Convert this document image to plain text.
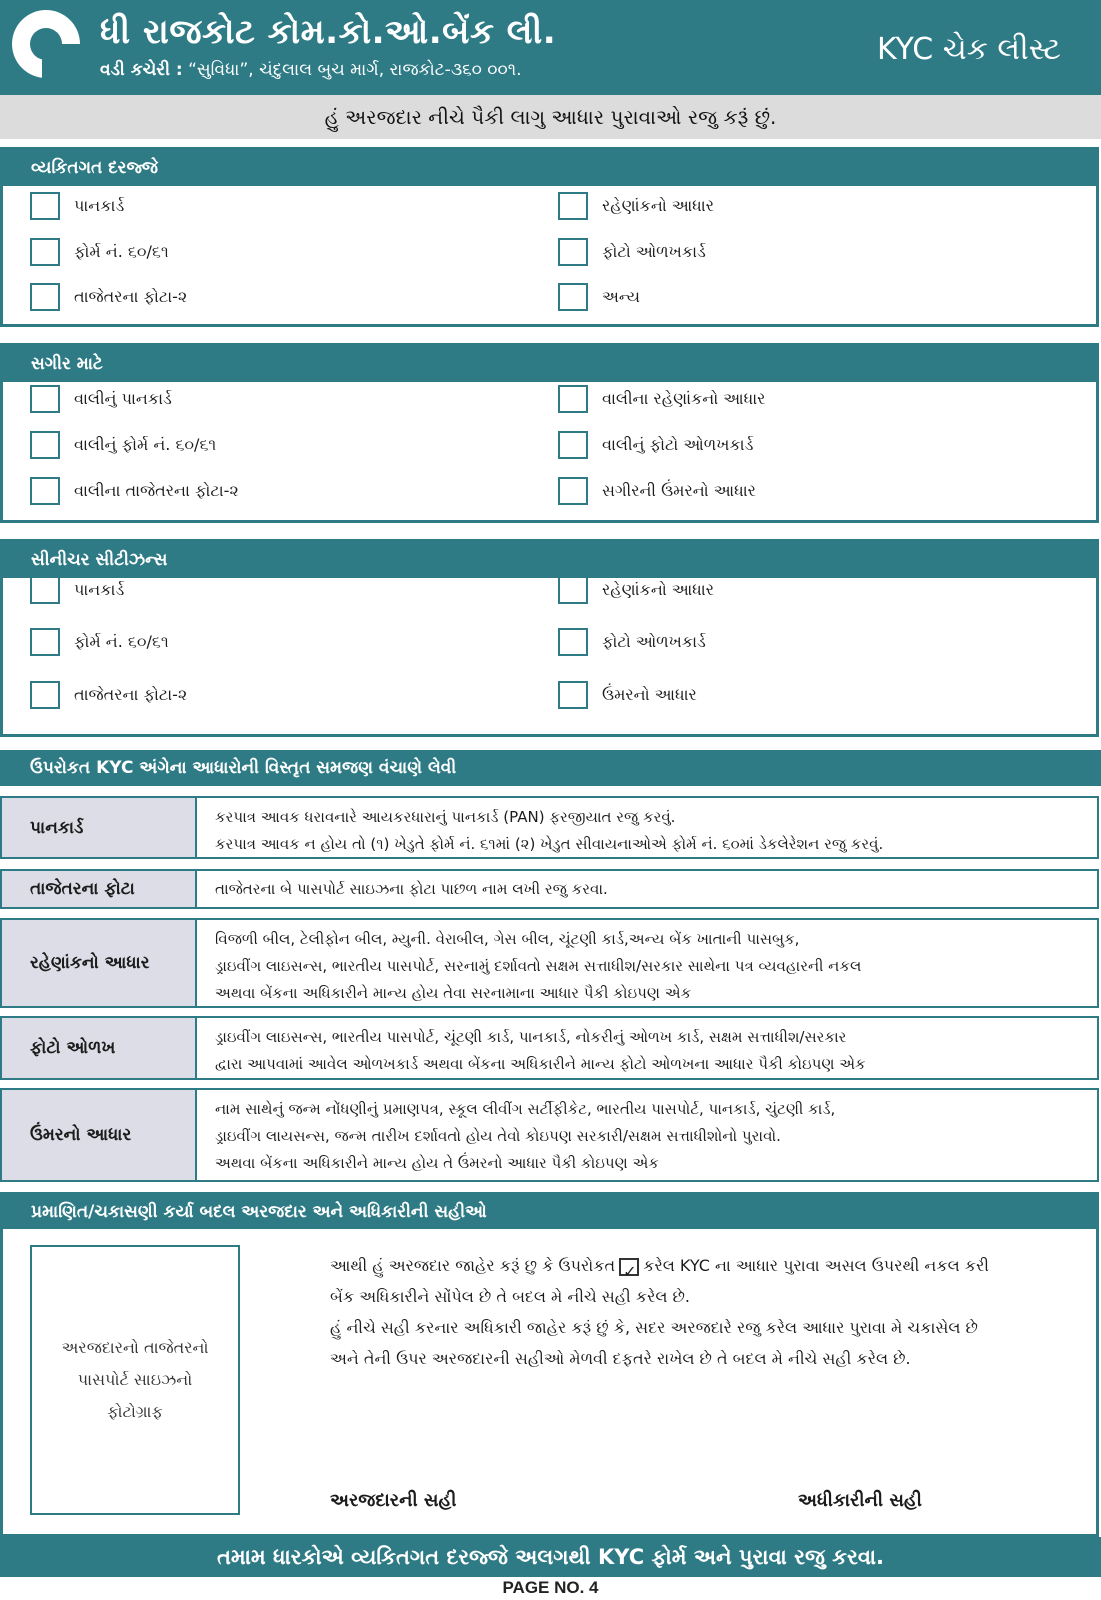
ધી રાજકોટ કોમ.કો.ઓ.બેંક લી.
વડી કચેરી : “સુવિધા”, ચંદુલાલ બુચ માર્ગ, રાજકોટ-૩૬૦ ૦૦૧.
KYC ચેક લીસ્ટ
હું અરજદાર નીચે પૈકી લાગુ આધાર પુરાવાઓ રજુ કરૂં છું.
વ્યકિતગત દરજ્જે
સગીર માટે
સીનીચર સીટીઝન્સ
પાનકાર્ડ
ફોર્મ નં. ૬૦/૬૧
તાજેતરના ફોટા-૨
રહેણાંકનો આધાર
ફોટો ઓળખકાર્ડ
અન્ય
વાલીનું પાનકાર્ડ
વાલીનું ફોર્મ નં. ૬૦/૬૧
વાલીના તાજેતરના ફોટા-૨
વાલીના રહેણાંકનો આધાર
વાલીનું ફોટો ઓળખકાર્ડ
સગીરની ઉંમરનો આધાર
પાનકાર્ડ
ફોર્મ નં. ૬૦/૬૧
તાજેતરના ફોટા-૨
રહેણાંકનો આધાર
ફોટો ઓળખકાર્ડ
ઉંમરનો આધાર
ઉપરોકત KYC અંગેના આધારોની વિસ્તૃત સમજણ વંચાણે લેવી
પાનકાર્ડ
કરપાત્ર આવક ધરાવનારે આયકરધારાનું પાનકાર્ડ (PAN) ફરજીયાત રજુ કરવું.
કરપાત્ર આવક ન હોય તો (૧) ખેડુતે ફોર્મ નં. ૬૧માં (૨) ખેડુત સીવાયનાઓએ ફોર્મ નં. ૬૦માં ડેકલેરેશન રજુ કરવું.
તાજેતરના ફોટા	તાજેતરના બે પાસપોર્ટ સાઇઝના ફોટા પાછળ નામ લખી રજુ કરવા.
રહેણાંકનો આધાર
વિજળી બીલ, ટેલીફોન બીલ, મ્યુની. વેરાબીલ, ગેસ બીલ, ચૂંટણી કાર્ડ,અન્ય બેંક ખાતાની પાસબુક,
ડ્રાઇવીંગ લાઇસન્સ, ભારતીય પાસપોર્ટ, સરનામું દર્શાવતો સક્ષમ સત્તાધીશ/સરકાર સાથેના પત્ર વ્યવહારની નકલ
અથવા બેંકના અધિકારીને માન્ય હોય તેવા સરનામાના આધાર પૈકી કોઇપણ એક
ફોટો ઓળખ
ડ્રાઇવીંગ લાઇસન્સ, ભારતીય પાસપોર્ટ, ચૂંટણી કાર્ડ, પાનકાર્ડ, નોકરીનું ઓળખ કાર્ડ, સક્ષમ સત્તાધીશ/સરકાર
દ્વારા આપવામાં આવેલ ઓળખકાર્ડ અથવા બેંકના અધિકારીને માન્ય ફોટો ઓળખના આધાર પૈકી કોઇપણ એક
ઉંમરનો આધાર
નામ સાથેનું જન્મ નોંધણીનું પ્રમાણપત્ર, સ્કૂલ લીવીંગ સર્ટીફીકેટ, ભારતીય પાસપોર્ટ, પાનકાર્ડ, ચુંટણી કાર્ડ,
ડ્રાઇવીંગ લાયસન્સ, જન્મ તારીખ દર્શાવતો હોય તેવો કોઇપણ સરકારી/સક્ષમ સત્તાધીશોનો પુરાવો.
અથવા બેંકના અધિકારીને માન્ય હોય તે ઉંમરનો આધાર પૈકી કોઇપણ એક
પ્રમાણિત/ચકાસણી કર્યા બદલ અરજદાર અને અધિકારીની સહીઓ
અરજદારનો તાજેતરનો
પાસપોર્ટ સાઇઝનો
ફોટોગ્રાફ
આથી હું અરજદાર જાહેર કરૂં છુ કે ઉપરોકત✓ કરેલ KYC ના આધાર પુરાવા અસલ ઉપરથી નકલ કરી
બેંક અધિકારીને સોંપેલ છે તે બદલ મે નીચે સહી કરેલ છે.
હું નીચે સહી કરનાર અધિકારી જાહેર કરૂં છું કે, સદર અરજદારે રજુ કરેલ આધાર પુરાવા મે ચકાસેલ છે
અને તેની ઉપર અરજદારની સહીઓ મેળવી દફતરે રાખેલ છે તે બદલ મે નીચે સહી કરેલ છે.
અરજદારની સહી	અધીકારીની સહી
તમામ ધારકોએ વ્યકિતગત દરજ્જે અલગથી KYC ફોર્મ અને પુરાવા રજુ કરવા.
PAGE NO. 4
